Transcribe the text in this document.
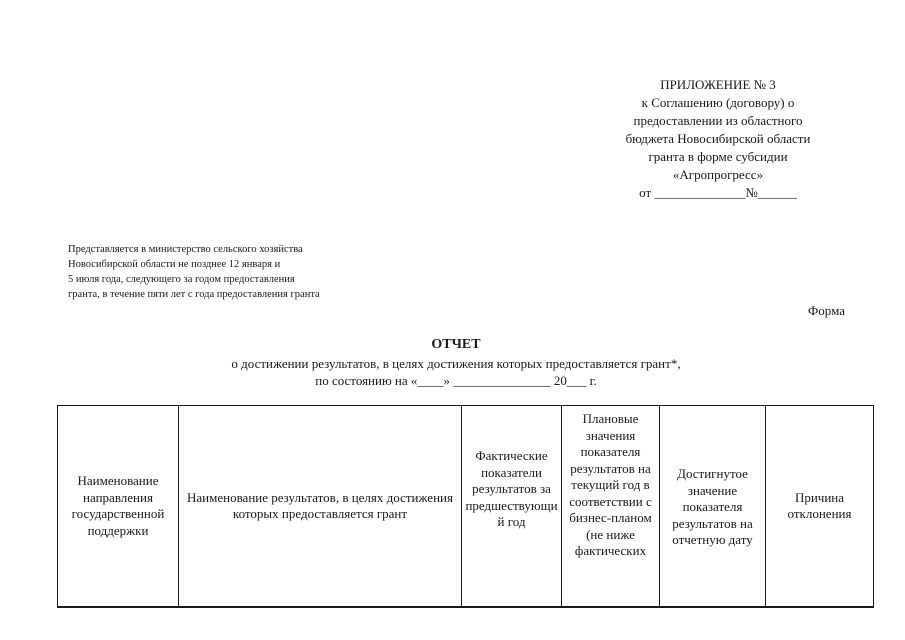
ПРИЛОЖЕНИЕ № 3
к Соглашению (договору) о
предоставлении из областного
бюджета Новосибирской области
гранта в форме субсидии
«Агропрогресс»
от ______________№______
Представляется в министерство сельского хозяйства
Новосибирской области не позднее 12 января и
5 июля года, следующего за годом предоставления
гранта, в течение пяти лет с года предоставления гранта
Форма
ОТЧЕТ
о достижении результатов, в целях достижения которых предоставляется грант*,
по состоянию на «____» _______________ 20___ г.
Наименование направления государственной поддержки	Наименование результатов, в целях достижения которых предоставляется грант	Фактические показатели результатов за предшествующий год	Плановые значения показателя результатов на текущий год в соответствии с бизнес-планом (не ниже фактических	Достигнутое значение показателя результатов на отчетную дату	Причина отклонения
